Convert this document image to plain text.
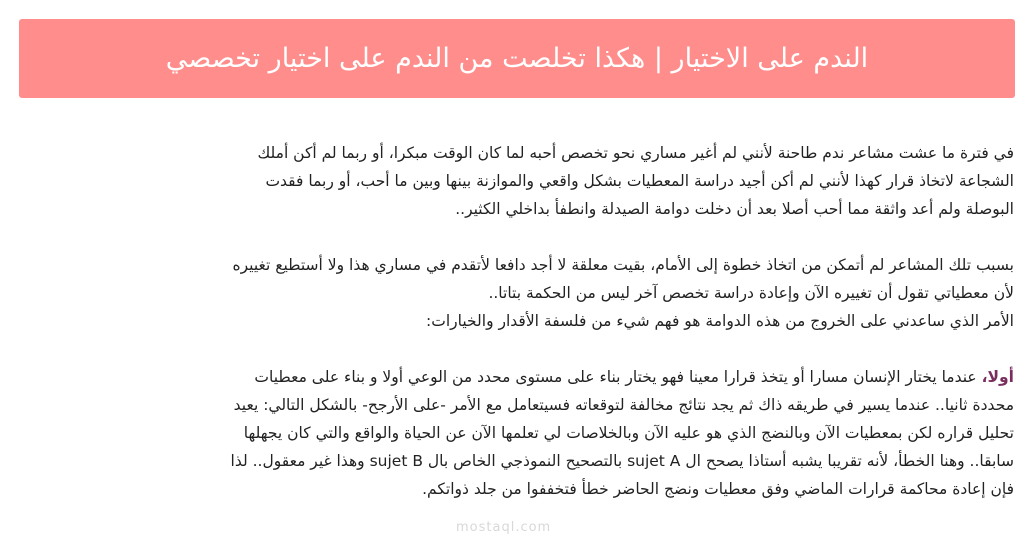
الندم على الاختيار | هكذا تخلصت من الندم على اختيار تخصصي

في فترة ما عشت مشاعر ندم طاحنة لأنني لم أغير مساري نحو تخصص أحبه لما كان الوقت مبكرا، أو ربما لم أكن أملك
الشجاعة لاتخاذ قرار كهذا لأنني لم أكن أجيد دراسة المعطيات بشكل واقعي والموازنة بينها وبين ما أحب، أو ربما فقدت
البوصلة ولم أعد واثقة مما أحب أصلا بعد أن دخلت دوامة الصيدلة وانطفأ بداخلي الكثير..

بسبب تلك المشاعر لم أتمكن من اتخاذ خطوة إلى الأمام، بقيت معلقة لا أجد دافعا لأتقدم في مساري هذا ولا أستطيع تغييره
لأن معطياتي تقول أن تغييره الآن وإعادة دراسة تخصص آخر ليس من الحكمة بتاتا..

الأمر الذي ساعدني على الخروج من هذه الدوامة هو فهم شيء من فلسفة الأقدار والخيارات:

أولا، عندما يختار الإنسان مسارا أو يتخذ قرارا معينا فهو يختار بناء على مستوى محدد من الوعي أولا و بناء على معطيات
محددة ثانيا.. عندما يسير في طريقه ذاك ثم يجد نتائج مخالفة لتوقعاته فسيتعامل مع الأمر -على الأرجح- بالشكل التالي: يعيد
تحليل قراره لكن بمعطيات الآن وبالنضج الذي هو عليه الآن وبالخلاصات لي تعلمها الآن عن الحياة والواقع والتي كان يجهلها
سابقا.. وهنا الخطأ، لأنه تقريبا يشبه أستاذا يصحح ال sujet A بالتصحيح النموذجي الخاص بال sujet B وهذا غير معقول.. لذا
فإن إعادة محاكمة قرارات الماضي وفق معطيات ونضج الحاضر خطأ فتخففوا من جلد ذواتكم.

mostaql.com
